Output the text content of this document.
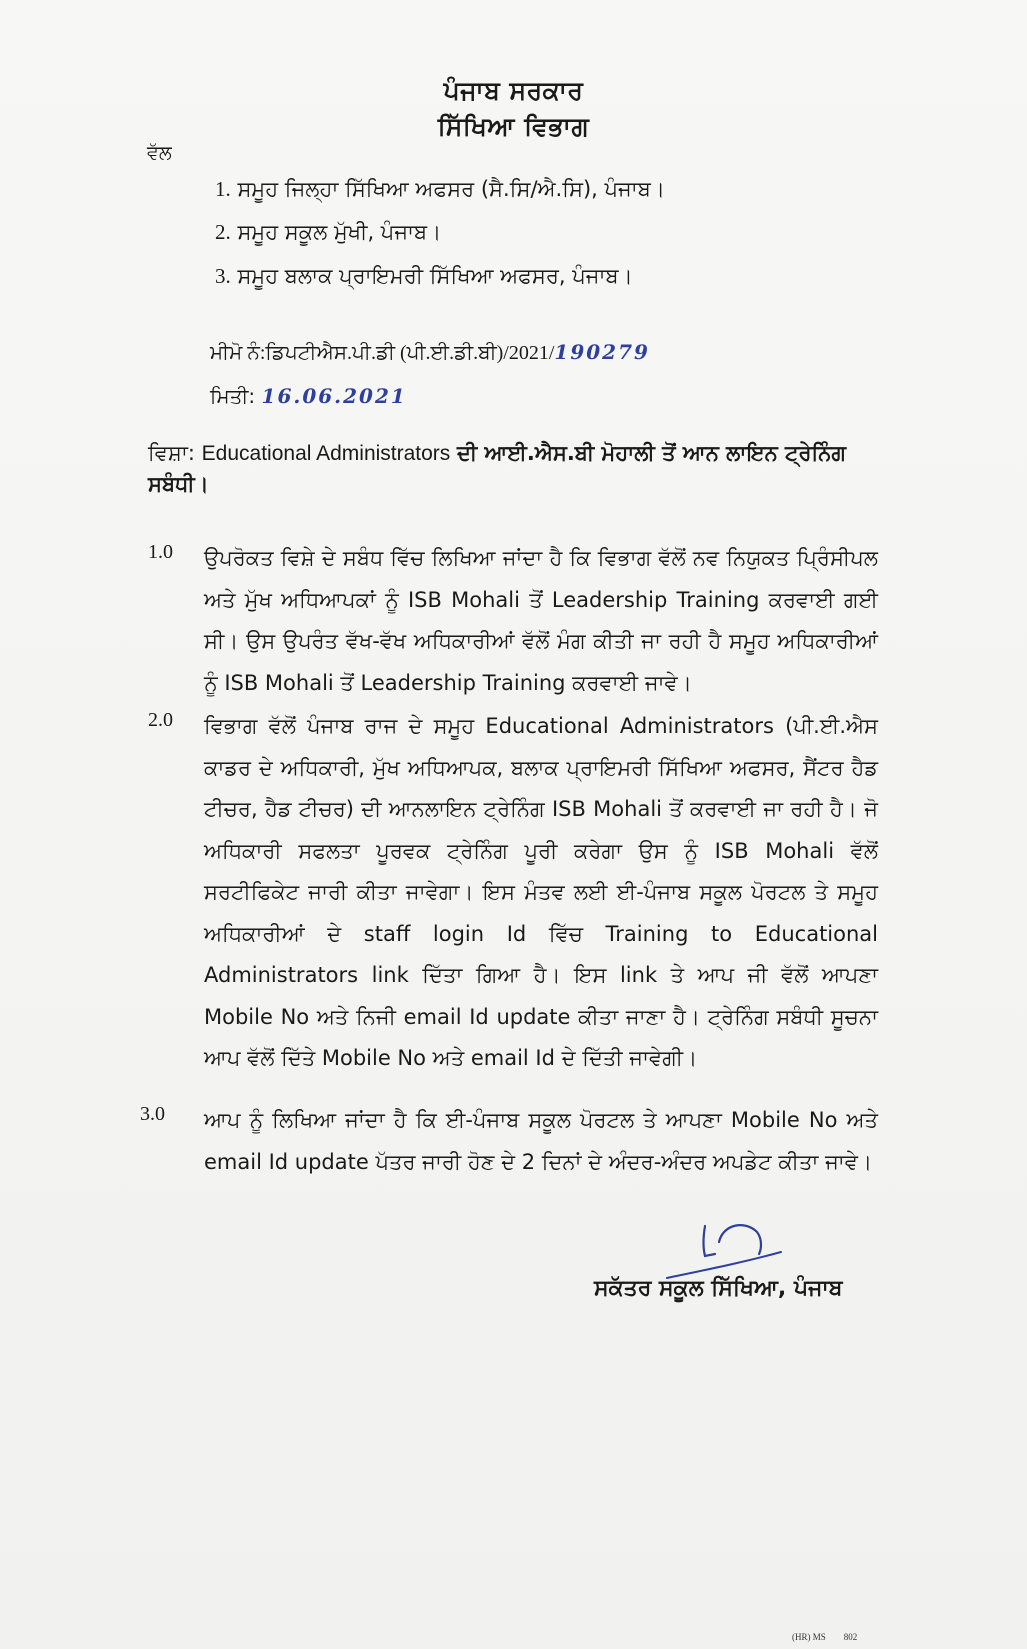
ਪੰਜਾਬ ਸਰਕਾਰ
ਸਿੱਖਿਆ ਵਿਭਾਗ
ਵੱਲ
1. ਸਮੂਹ ਜਿਲ੍ਹਾ ਸਿੱਖਿਆ ਅਫਸਰ (ਸੈ.ਸਿ/ਐ.ਸਿ), ਪੰਜਾਬ।
2. ਸਮੂਹ ਸਕੂਲ ਮੁੱਖੀ, ਪੰਜਾਬ।
3. ਸਮੂਹ ਬਲਾਕ ਪ੍ਰਾਇਮਰੀ ਸਿੱਖਿਆ ਅਫਸਰ, ਪੰਜਾਬ।
ਮੀਮੋ ਨੰ:ਡਿਪਟੀਐਸ.ਪੀ.ਡੀ (ਪੀ.ਈ.ਡੀ.ਬੀ)/2021/190279
ਮਿਤੀ: 16.06.2021
ਵਿਸ਼ਾ: Educational Administrators ਦੀ ਆਈ.ਐਸ.ਬੀ ਮੋਹਾਲੀ ਤੋਂ ਆਨ ਲਾਇਨ ਟ੍ਰੇਨਿੰਗ ਸਬੰਧੀ।
1.0 ਉਪਰੋਕਤ ਵਿਸ਼ੇ ਦੇ ਸਬੰਧ ਵਿੱਚ ਲਿਖਿਆ ਜਾਂਦਾ ਹੈ ਕਿ ਵਿਭਾਗ ਵੱਲੋਂ ਨਵ ਨਿਯੁਕਤ ਪ੍ਰਿੰਸੀਪਲ ਅਤੇ ਮੁੱਖ ਅਧਿਆਪਕਾਂ ਨੂੰ ISB Mohali ਤੋਂ Leadership Training ਕਰਵਾਈ ਗਈ ਸੀ। ਉਸ ਉਪਰੰਤ ਵੱਖ-ਵੱਖ ਅਧਿਕਾਰੀਆਂ ਵੱਲੋਂ ਮੰਗ ਕੀਤੀ ਜਾ ਰਹੀ ਹੈ ਸਮੂਹ ਅਧਿਕਾਰੀਆਂ ਨੂੰ ISB Mohali ਤੋਂ Leadership Training ਕਰਵਾਈ ਜਾਵੇ।
2.0 ਵਿਭਾਗ ਵੱਲੋਂ ਪੰਜਾਬ ਰਾਜ ਦੇ ਸਮੂਹ Educational Administrators (ਪੀ.ਈ.ਐਸ ਕਾਡਰ ਦੇ ਅਧਿਕਾਰੀ, ਮੁੱਖ ਅਧਿਆਪਕ, ਬਲਾਕ ਪ੍ਰਾਇਮਰੀ ਸਿੱਖਿਆ ਅਫਸਰ, ਸੈਂਟਰ ਹੈਡ ਟੀਚਰ, ਹੈਡ ਟੀਚਰ) ਦੀ ਆਨਲਾਇਨ ਟ੍ਰੇਨਿੰਗ ISB Mohali ਤੋਂ ਕਰਵਾਈ ਜਾ ਰਹੀ ਹੈ। ਜੋ ਅਧਿਕਾਰੀ ਸਫਲਤਾ ਪੂਰਵਕ ਟ੍ਰੇਨਿੰਗ ਪੂਰੀ ਕਰੇਗਾ ਉਸ ਨੂੰ ISB Mohali ਵੱਲੋਂ ਸਰਟੀਫਿਕੇਟ ਜਾਰੀ ਕੀਤਾ ਜਾਵੇਗਾ। ਇਸ ਮੰਤਵ ਲਈ ਈ-ਪੰਜਾਬ ਸਕੂਲ ਪੋਰਟਲ ਤੇ ਸਮੂਹ ਅਧਿਕਾਰੀਆਂ ਦੇ staff login Id ਵਿੱਚ Training to Educational Administrators link ਦਿੱਤਾ ਗਿਆ ਹੈ। ਇਸ link ਤੇ ਆਪ ਜੀ ਵੱਲੋਂ ਆਪਣਾ Mobile No ਅਤੇ ਨਿਜੀ email Id update ਕੀਤਾ ਜਾਣਾ ਹੈ। ਟ੍ਰੇਨਿੰਗ ਸਬੰਧੀ ਸੂਚਨਾ ਆਪ ਵੱਲੋਂ ਦਿੱਤੇ Mobile No ਅਤੇ email Id ਦੇ ਦਿੱਤੀ ਜਾਵੇਗੀ।
3.0 ਆਪ ਨੂੰ ਲਿਖਿਆ ਜਾਂਦਾ ਹੈ ਕਿ ਈ-ਪੰਜਾਬ ਸਕੂਲ ਪੋਰਟਲ ਤੇ ਆਪਣਾ Mobile No ਅਤੇ email Id update ਪੱਤਰ ਜਾਰੀ ਹੋਣ ਦੇ 2 ਦਿਨਾਂ ਦੇ ਅੰਦਰ-ਅੰਦਰ ਅਪਡੇਟ ਕੀਤਾ ਜਾਵੇ।
ਸਕੱਤਰ ਸਕੂਲ ਸਿੱਖਿਆ, ਪੰਜਾਬ
(HR) MS 802
